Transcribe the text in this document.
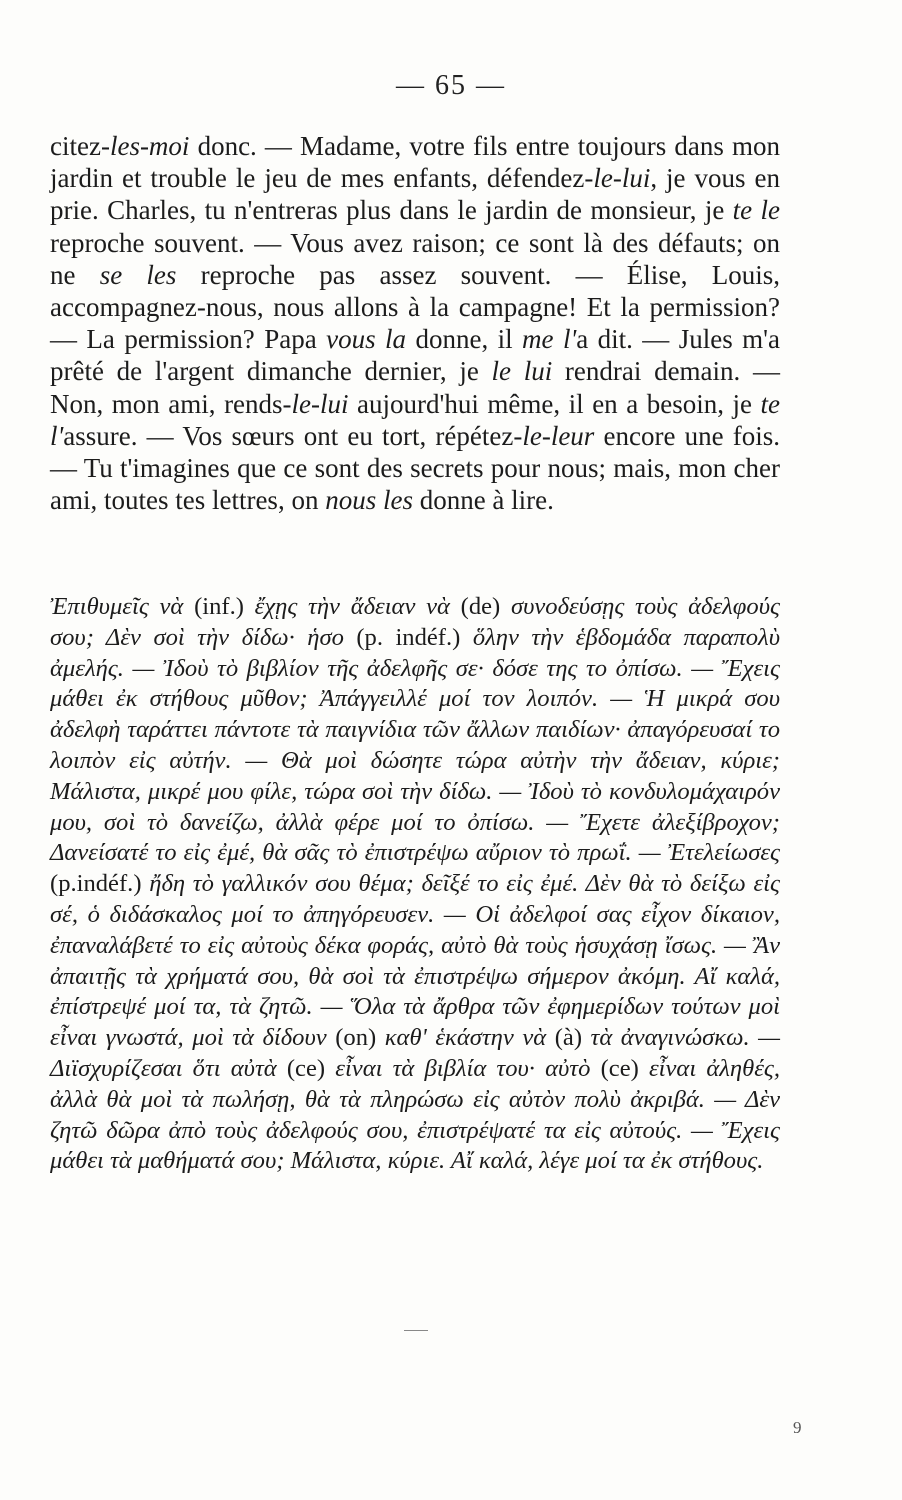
— 65 —
citez-les-moi donc. — Madame, votre fils entre toujours dans mon jardin et trouble le jeu de mes enfants, défendez-le-lui, je vous en prie. Charles, tu n'entreras plus dans le jardin de monsieur, je te le reproche souvent. — Vous avez raison; ce sont là des défauts; on ne se les reproche pas assez souvent. — Élise, Louis, accompagnez-nous, nous allons à la campagne! Et la permission? — La permission? Papa vous la donne, il me l'a dit. — Jules m'a prêté de l'argent dimanche dernier, je le lui rendrai demain. — Non, mon ami, rends-le-lui aujourd'hui même, il en a besoin, je te l'assure. — Vos sœurs ont eu tort, répétez-le-leur encore une fois. — Tu t'imagines que ce sont des secrets pour nous; mais, mon cher ami, toutes tes lettres, on nous les donne à lire.
Ἐπιθυμεῖς νὰ (inf.) ἔχῃς τὴν ἄδειαν νὰ (de) συνοδεύσῃς τοὺς ἀδελφούς σου; Δὲν σοὶ τὴν δίδω· ἡσο (p. indéf.) ὅλην τὴν ἑβδομάδα παραπολὺ ἀμελής. — Ἰδοὺ τὸ βιβλίον τῆς ἀδελφῆς σε· δόσε της το ὀπίσω. — Ἔχεις μάθει ἐκ στήθους μῦθον; Ἀπάγγειλλέ μοί τον λοιπόν. — Ἡ μικρά σου ἀδελφὴ ταράττει πάντοτε τὰ παιγνίδια τῶν ἄλλων παιδίων· ἀπαγόρευσαί το λοιπὸν εἰς αὐτήν. — Θὰ μοὶ δώσητε τώρα αὐτὴν τὴν ἄδειαν, κύριε; Μάλιστα, μικρέ μου φίλε, τώρα σοὶ τὴν δίδω. — Ἰδοὺ τὸ κονδυλομάχαιρόν μου, σοὶ τὸ δανείζω, ἀλλὰ φέρε μοί το ὀπίσω. — Ἔχετε ἀλεξίβροχον; Δανείσατέ το εἰς ἐμέ, θὰ σᾶς τὸ ἐπιστρέψω αὔριον τὸ πρωΐ. — Ἐτελείωσες (p.indéf.) ἤδη τὸ γαλλικόν σου θέμα; δεῖξέ το εἰς ἐμέ. Δὲν θὰ τὸ δείξω εἰς σέ, ὁ διδάσκαλος μοί το ἀπηγόρευσεν. — Οἱ ἀδελφοί σας εἶχον δίκαιον, ἐπαναλάβετέ το εἰς αὐτοὺς δέκα φοράς, αὐτὸ θὰ τοὺς ἡσυχάσῃ ἴσως. — Ἂν ἀπαιτῇς τὰ χρήματά σου, θὰ σοὶ τὰ ἐπιστρέψω σήμερον ἀκόμη. Αἴ καλά, ἐπίστρεψέ μοί τα, τὰ ζητῶ. — Ὅλα τὰ ἄρθρα τῶν ἐφημερίδων τούτων μοὶ εἶναι γνωστά, μοὶ τὰ δίδουν (on) καθ' ἑκάστην νὰ (à) τὰ ἀναγινώσκω. — Διϊσχυρίζεσαι ὅτι αὐτὰ (ce) εἶναι τὰ βιβλία του· αὐτὸ (ce) εἶναι ἀληθές, ἀλλὰ θὰ μοὶ τὰ πωλήσῃ, θὰ τὰ πληρώσω εἰς αὐτὸν πολὺ ἀκριβά. — Δὲν ζητῶ δῶρα ἀπὸ τοὺς ἀδελφούς σου, ἐπιστρέψατέ τα εἰς αὐτούς. — Ἔχεις μάθει τὰ μαθήματά σου; Μάλιστα, κύριε. Αἴ καλά, λέγε μοί τα ἐκ στήθους.
9
